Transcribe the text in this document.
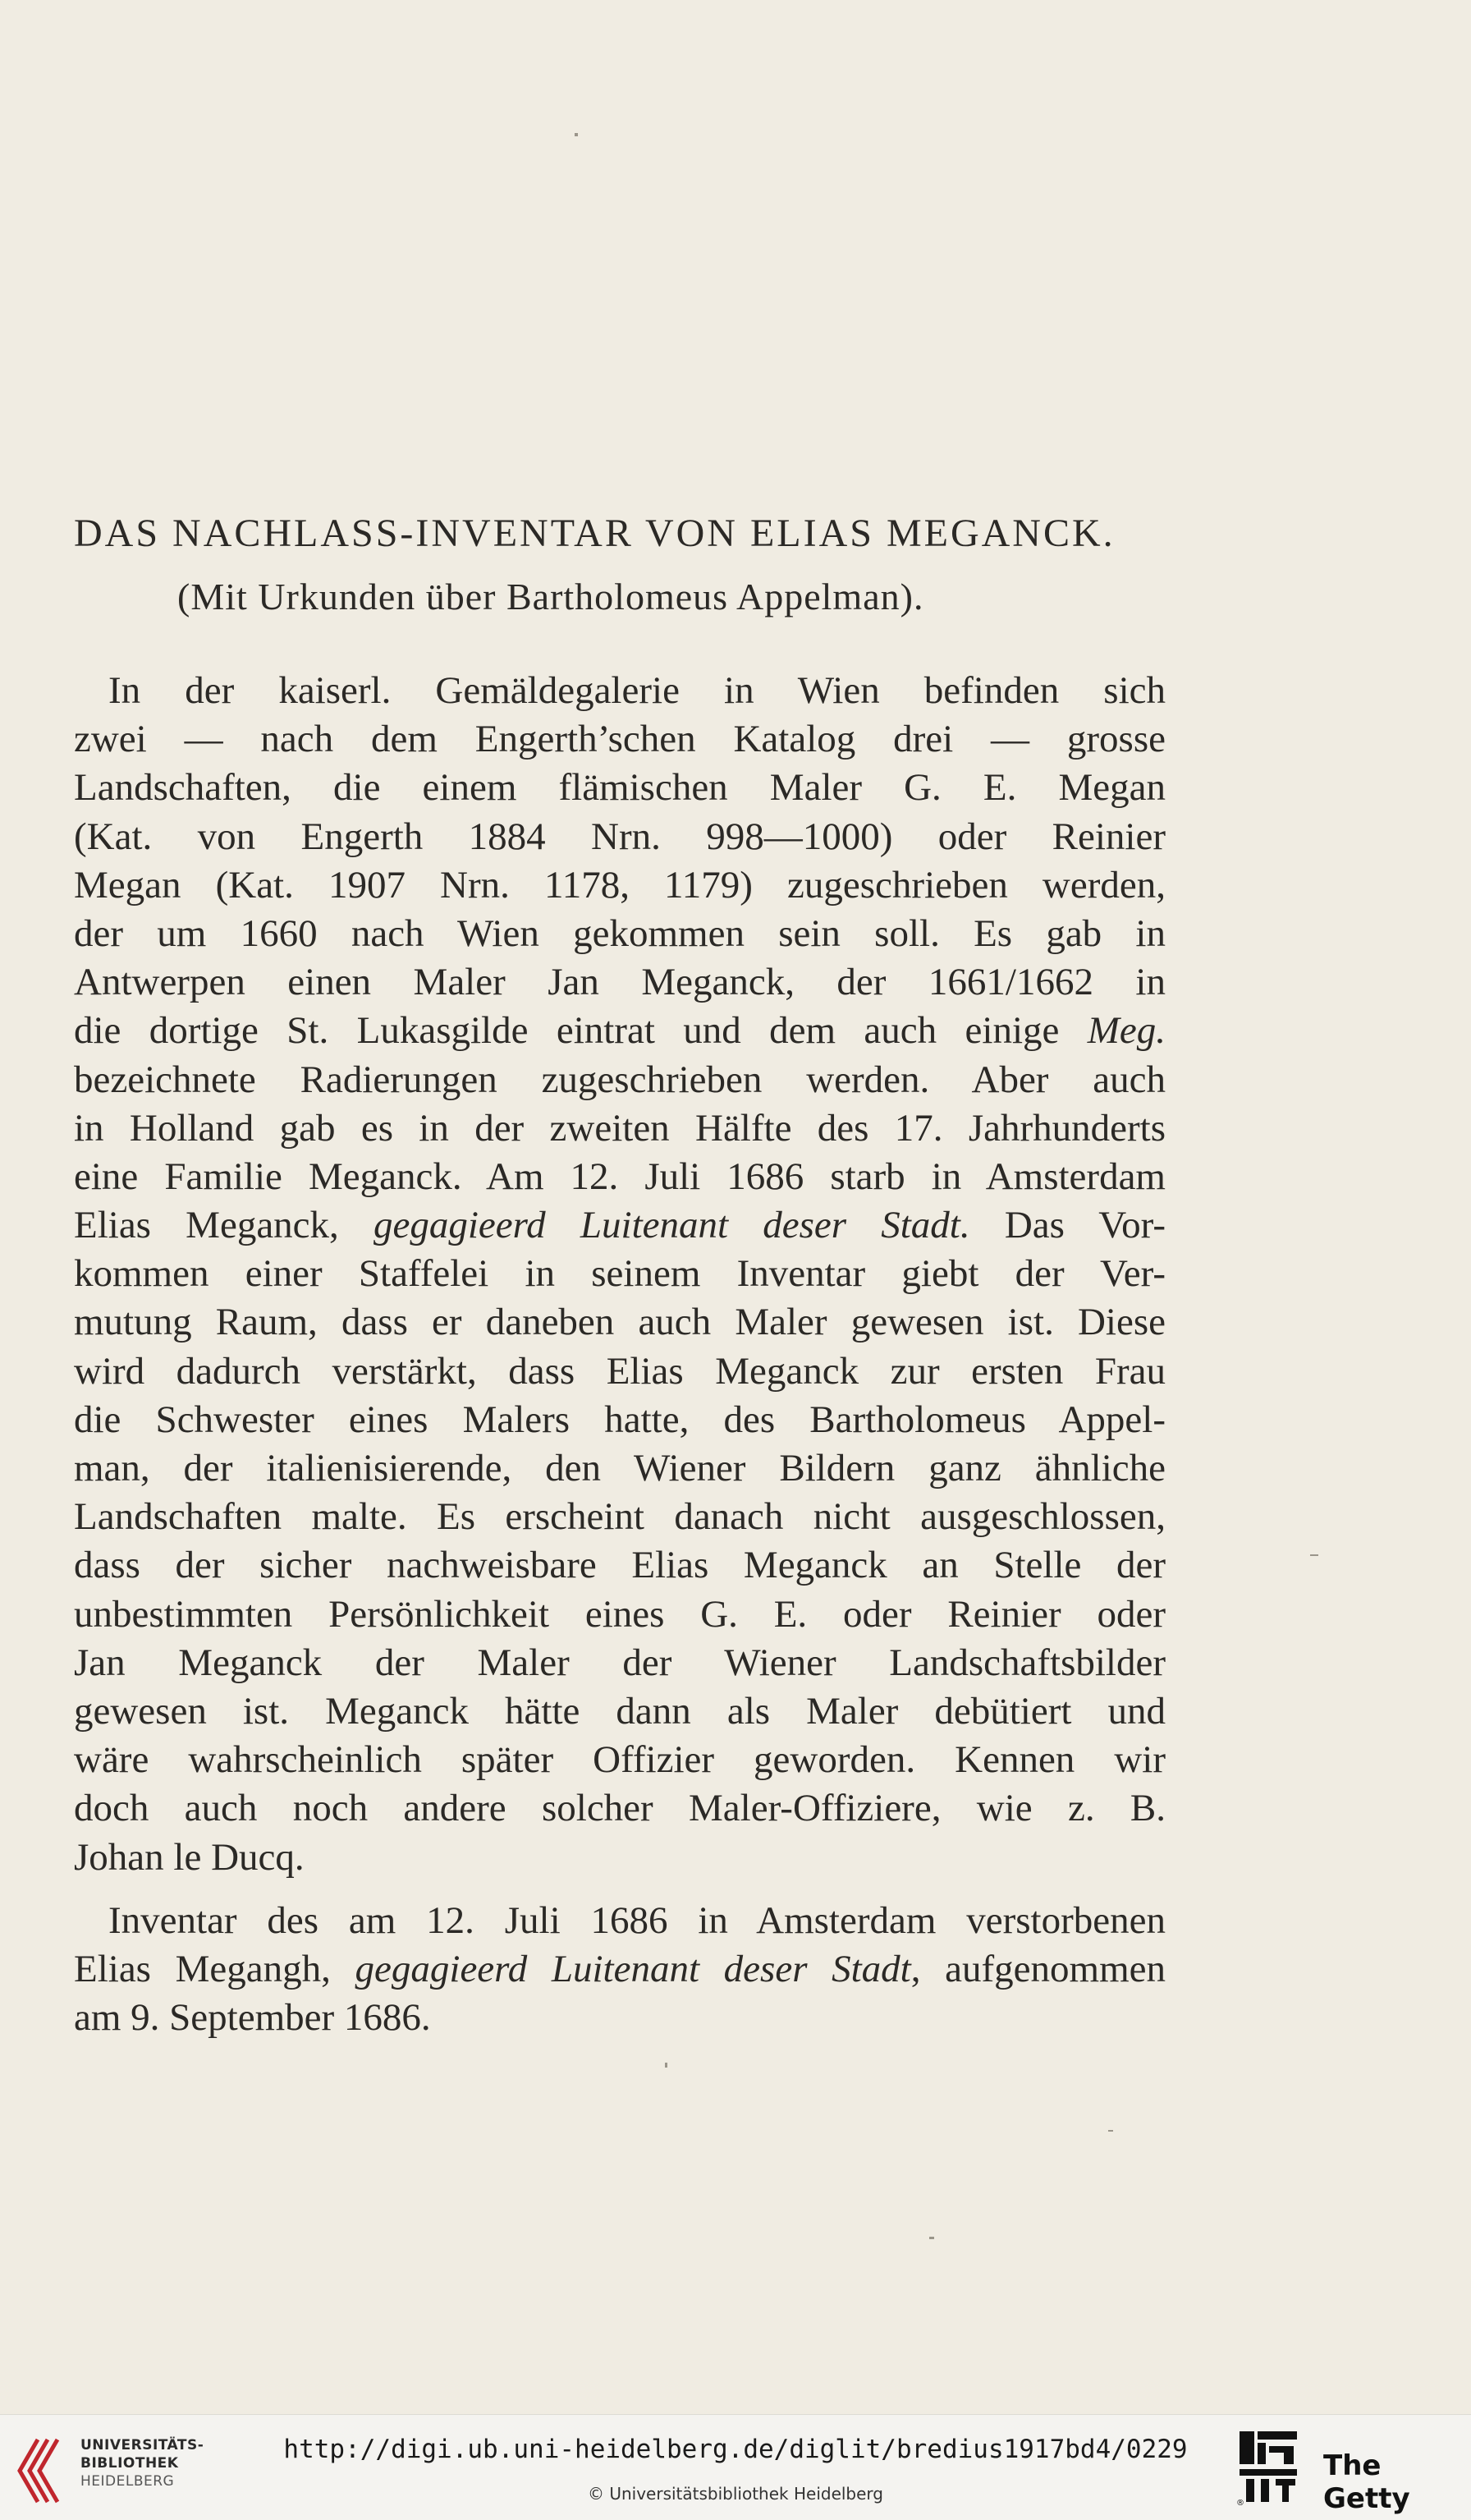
DAS NACHLASS-INVENTAR VON ELIAS MEGANCK.
(Mit Urkunden über Bartholomeus Appelman).
In der kaiserl. Gemäldegalerie in Wien befinden sich
zwei — nach dem Engerth’schen Katalog drei — grosse
Landschaften, die einem flämischen Maler G. E. Megan
(Kat. von Engerth 1884 Nrn. 998—1000) oder Reinier
Megan (Kat. 1907 Nrn. 1178, 1179) zugeschrieben werden,
der um 1660 nach Wien gekommen sein soll. Es gab in
Antwerpen einen Maler Jan Meganck, der 1661/1662 in
die dortige St. Lukasgilde eintrat und dem auch einige Meg.
bezeichnete Radierungen zugeschrieben werden. Aber auch
in Holland gab es in der zweiten Hälfte des 17. Jahrhunderts
eine Familie Meganck. Am 12. Juli 1686 starb in Amsterdam
Elias Meganck, gegagieerd Luitenant deser Stadt. Das Vor-
kommen einer Staffelei in seinem Inventar giebt der Ver-
mutung Raum, dass er daneben auch Maler gewesen ist. Diese
wird dadurch verstärkt, dass Elias Meganck zur ersten Frau
die Schwester eines Malers hatte, des Bartholomeus Appel-
man, der italienisierende, den Wiener Bildern ganz ähnliche
Landschaften malte. Es erscheint danach nicht ausgeschlossen,
dass der sicher nachweisbare Elias Meganck an Stelle der
unbestimmten Persönlichkeit eines G. E. oder Reinier oder
Jan Meganck der Maler der Wiener Landschaftsbilder
gewesen ist. Meganck hätte dann als Maler debütiert und
wäre wahrscheinlich später Offizier geworden. Kennen wir
doch auch noch andere solcher Maler-Offiziere, wie z. B.
Johan le Ducq.
Inventar des am 12. Juli 1686 in Amsterdam verstorbenen
Elias Megangh, gegagieerd Luitenant deser Stadt, aufgenommen
am 9. September 1686.
UNIVERSITÄTS-
BIBLIOTHEK
HEIDELBERG
http://digi.ub.uni-heidelberg.de/diglit/bredius1917bd4/0229
© Universitätsbibliothek Heidelberg	®
The Getty
